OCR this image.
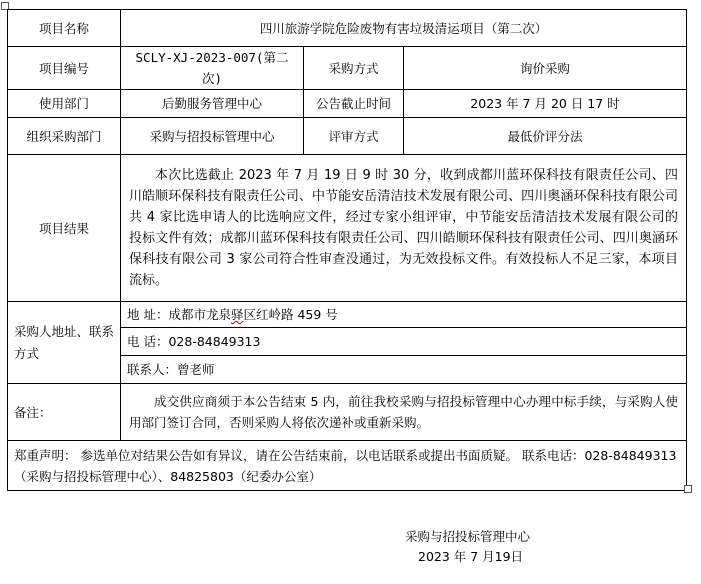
项目名称	四川旅游学院危险废物有害垃圾清运项目（第二次）		
项目编号	SCLY-XJ-2023-007(第二次)	采购方式	询价采购
使用部门	后勤服务管理中心	公告截止时间	2023 年 7 月 20 日 17 时
组织采购部门	采购与招投标管理中心	评审方式	最低价评分法
项目结果	本次比选截止 2023 年 7 月 19 日 9 时 30 分，收到成都川蓝环保科技有限责任公司、四川皓顺环保科技有限责任公司、中节能安岳清洁技术发展有限公司、四川奥涵环保科技有限公司共 4 家比选申请人的比选响应文件，经过专家小组评审，中节能安岳清洁技术发展有限公司的投标文件有效；成都川蓝环保科技有限责任公司、四川皓顺环保科技有限责任公司、四川奥涵环保科技有限公司 3 家公司符合性审查没通过，为无效投标文件。有效投标人不足三家，本项目流标。		

采购人地址、联系方式	地 址：成都市龙泉驿区红岭路 459 号		
	电 话：028-84849313		
	联系人：曾老师		
备注：	成交供应商须于本公告结束 5 内，前往我校采购与招投标管理中心办理中标手续，与采购人使用部门签订合同，否则采购人将依次递补或重新采购。		

郑重声明： 参选单位对结果公告如有异议，请在公告结束前，以电话联系或提出书面质疑。 联系电话：028-84849313（采购与招投标管理中心）、84825803（纪委办公室）			
采购与招投标管理中心
2023 年 7 月19日
